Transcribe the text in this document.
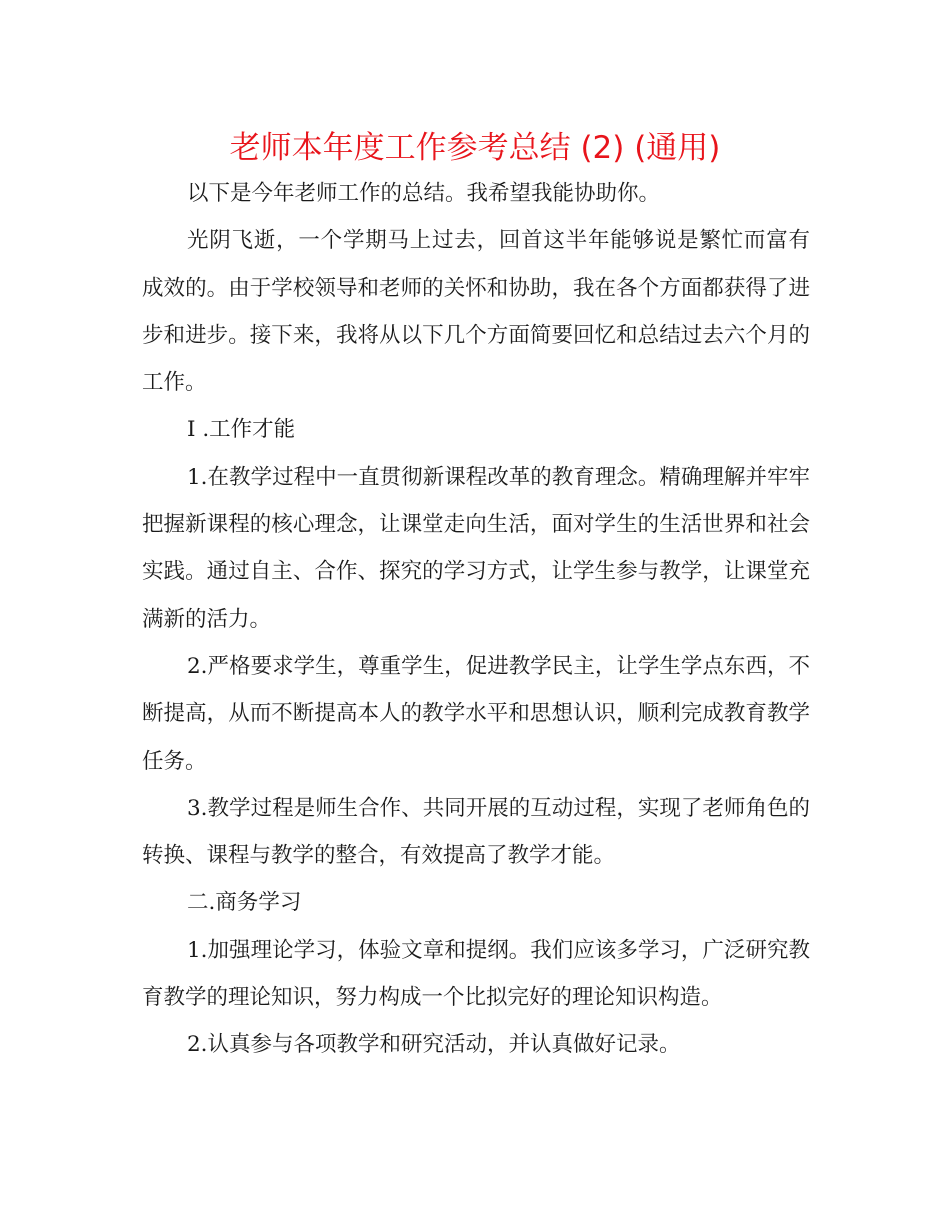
老师本年度工作参考总结 (2) (通用)

以下是今年老师工作的总结。我希望我能协助你。

光阴飞逝，一个学期马上过去，回首这半年能够说是繁忙而富有成效的。由于学校领导和老师的关怀和协助，我在各个方面都获得了进步和进步。接下来，我将从以下几个方面简要回忆和总结过去六个月的工作。

I .工作才能

1.在教学过程中一直贯彻新课程改革的教育理念。精确理解并牢牢把握新课程的核心理念，让课堂走向生活，面对学生的生活世界和社会实践。通过自主、合作、探究的学习方式，让学生参与教学，让课堂充满新的活力。

2.严格要求学生，尊重学生，促进教学民主，让学生学点东西，不断提高，从而不断提高本人的教学水平和思想认识，顺利完成教育教学任务。

3.教学过程是师生合作、共同开展的互动过程，实现了老师角色的转换、课程与教学的整合，有效提高了教学才能。

二.商务学习

1.加强理论学习，体验文章和提纲。我们应该多学习，广泛研究教育教学的理论知识，努力构成一个比拟完好的理论知识构造。

2.认真参与各项教学和研究活动，并认真做好记录。
